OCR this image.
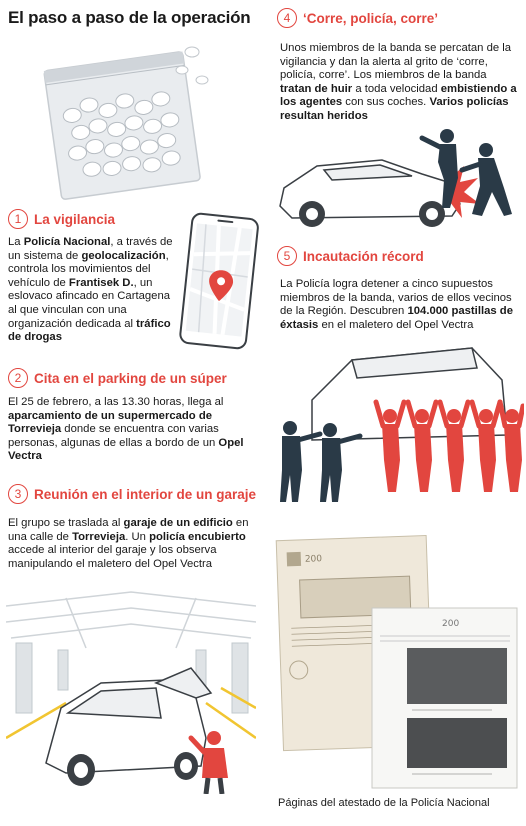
El paso a paso de la operación
1 La vigilancia
La Policía Nacional, a través de un sistema de geolocalización, controla los movimientos del vehículo de Frantisek D., un eslovaco afincado en Cartagena al que vinculan con una organización dedicada al tráfico de drogas
2 Cita en el parking de un súper
El 25 de febrero, a las 13.30 horas, llega al aparcamiento de un supermercado de Torrevieja donde se encuentra con varias personas, algunas de ellas a bordo de un Opel Vectra
3 Reunión en el interior de un garaje
El grupo se traslada al garaje de un edificio en una calle de Torrevieja. Un policía encubierto accede al interior del garaje y los observa manipulando el maletero del Opel Vectra
4 ‘Corre, policía, corre’
Unos miembros de la banda se percatan de la vigilancia y dan la alerta al grito de ‘corre, policía, corre’. Los miembros de la banda tratan de huir a toda velocidad embistiendo a los agentes con sus coches. Varios policías resultan heridos
5 Incautación récord
La Policía logra detener a cinco supuestos miembros de la banda, varios de ellos vecinos de la Región. Descubren 104.000 pastillas de éxtasis en el maletero del Opel Vectra
200
200
Páginas del atestado de la Policía Nacional
